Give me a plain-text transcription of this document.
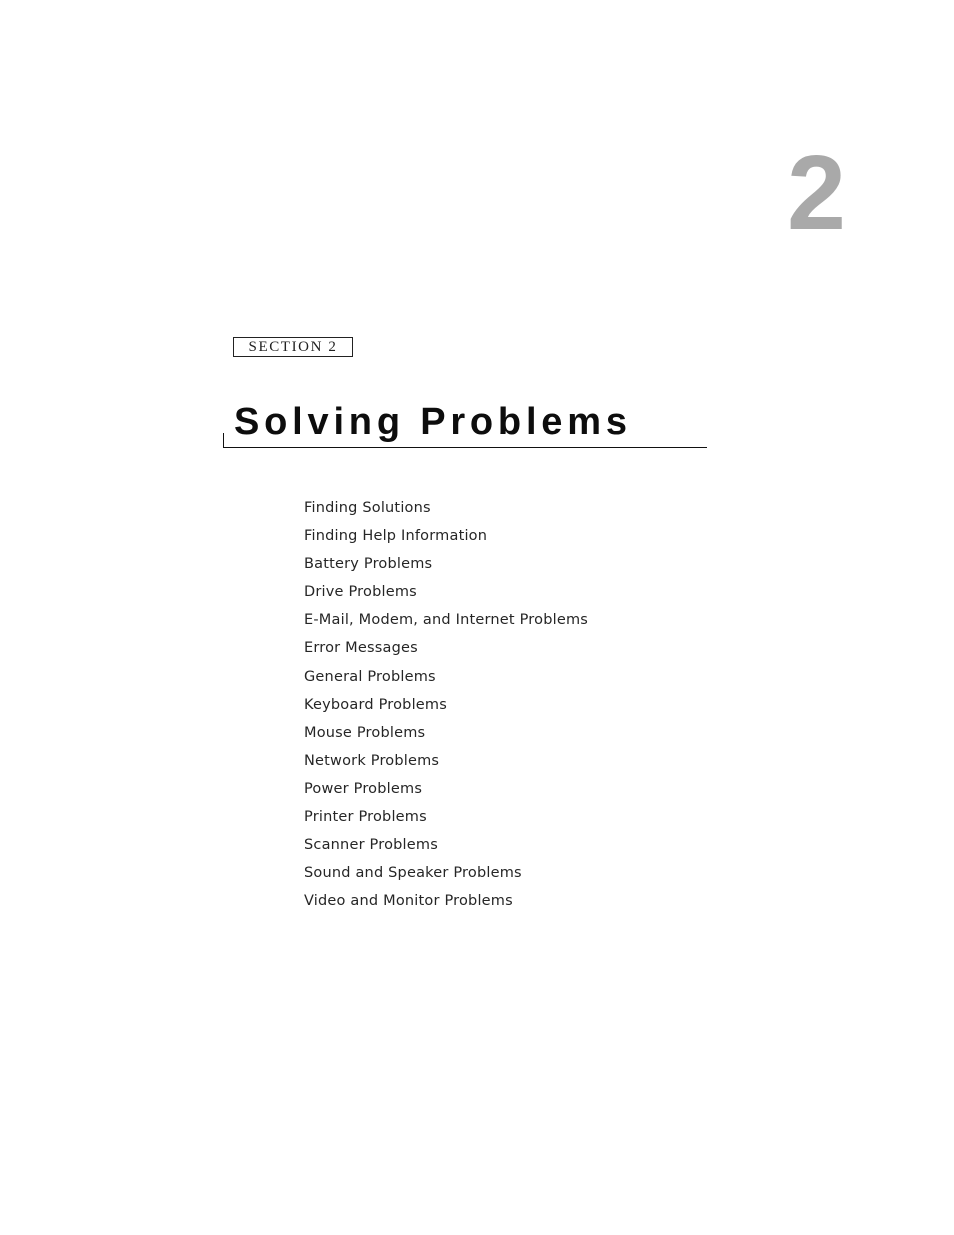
2
SECTION 2
Solving Problems
Finding Solutions
Finding Help Information
Battery Problems
Drive Problems
E-Mail, Modem, and Internet Problems
Error Messages
General Problems
Keyboard Problems
Mouse Problems
Network Problems
Power Problems
Printer Problems
Scanner Problems
Sound and Speaker Problems
Video and Monitor Problems
